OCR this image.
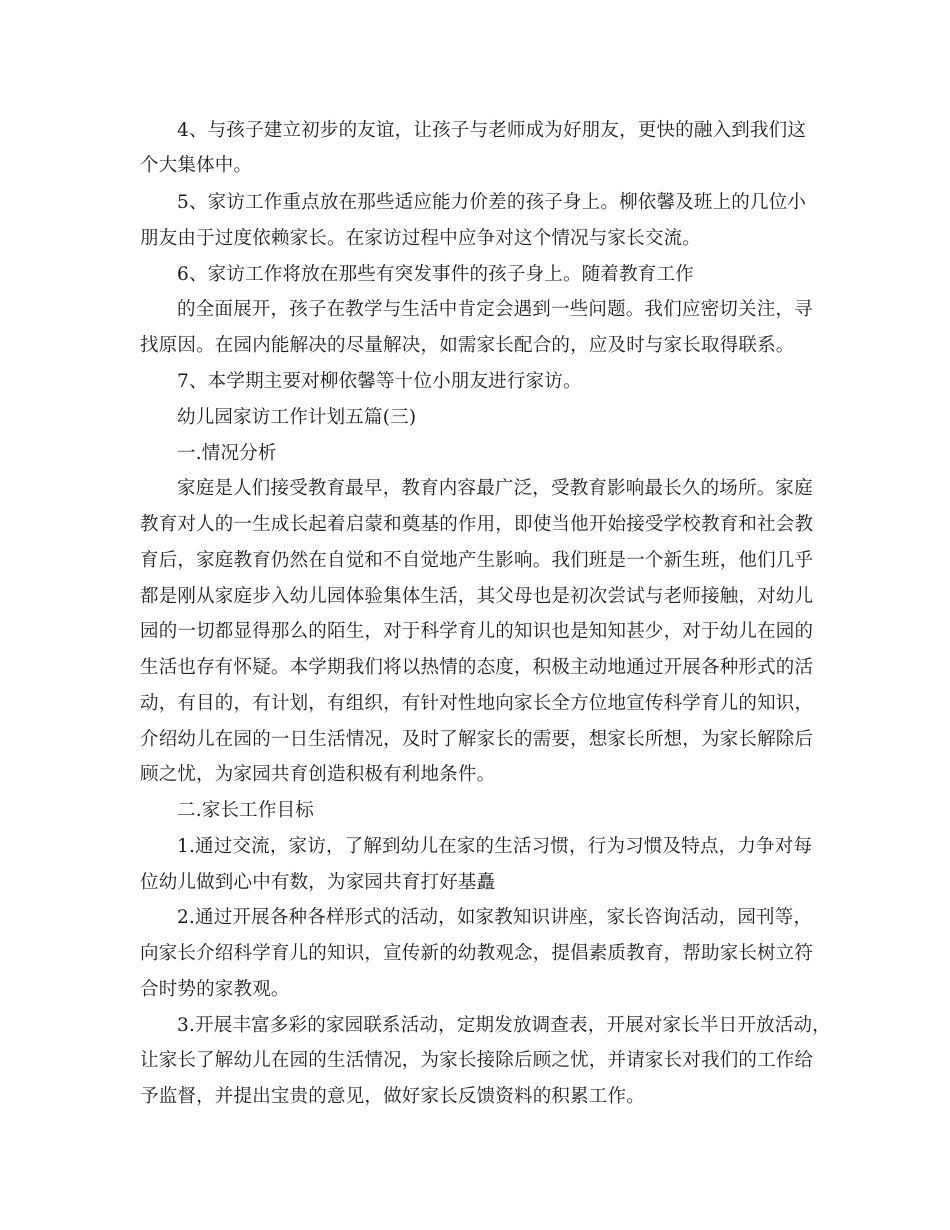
4、与孩子建立初步的友谊，让孩子与老师成为好朋友，更快的融入到我们这
个大集体中。
5、家访工作重点放在那些适应能力价差的孩子身上。柳依馨及班上的几位小
朋友由于过度依赖家长。在家访过程中应争对这个情况与家长交流。
6、家访工作将放在那些有突发事件的孩子身上。随着教育工作
的全面展开，孩子在教学与生活中肯定会遇到一些问题。我们应密切关注，寻
找原因。在园内能解决的尽量解决，如需家长配合的，应及时与家长取得联系。
7、本学期主要对柳依馨等十位小朋友进行家访。
幼儿园家访工作计划五篇(三)
一.情况分析
家庭是人们接受教育最早，教育内容最广泛，受教育影响最长久的场所。家庭
教育对人的一生成长起着启蒙和奠基的作用，即使当他开始接受学校教育和社会教
育后，家庭教育仍然在自觉和不自觉地产生影响。我们班是一个新生班，他们几乎
都是刚从家庭步入幼儿园体验集体生活，其父母也是初次尝试与老师接触，对幼儿
园的一切都显得那么的陌生，对于科学育儿的知识也是知知甚少，对于幼儿在园的
生活也存有怀疑。本学期我们将以热情的态度，积极主动地通过开展各种形式的活
动，有目的，有计划，有组织，有针对性地向家长全方位地宣传科学育儿的知识，
介绍幼儿在园的一日生活情况，及时了解家长的需要，想家长所想，为家长解除后
顾之忧，为家园共育创造积极有利地条件。
二.家长工作目标
1.通过交流，家访，了解到幼儿在家的生活习惯，行为习惯及特点，力争对每
位幼儿做到心中有数，为家园共育打好基矗
2.通过开展各种各样形式的活动，如家教知识讲座，家长咨询活动，园刊等，
向家长介绍科学育儿的知识，宣传新的幼教观念，提倡素质教育，帮助家长树立符
合时势的家教观。
3.开展丰富多彩的家园联系活动，定期发放调查表，开展对家长半日开放活动，
让家长了解幼儿在园的生活情况，为家长接除后顾之忧，并请家长对我们的工作给
予监督，并提出宝贵的意见，做好家长反馈资料的积累工作。
